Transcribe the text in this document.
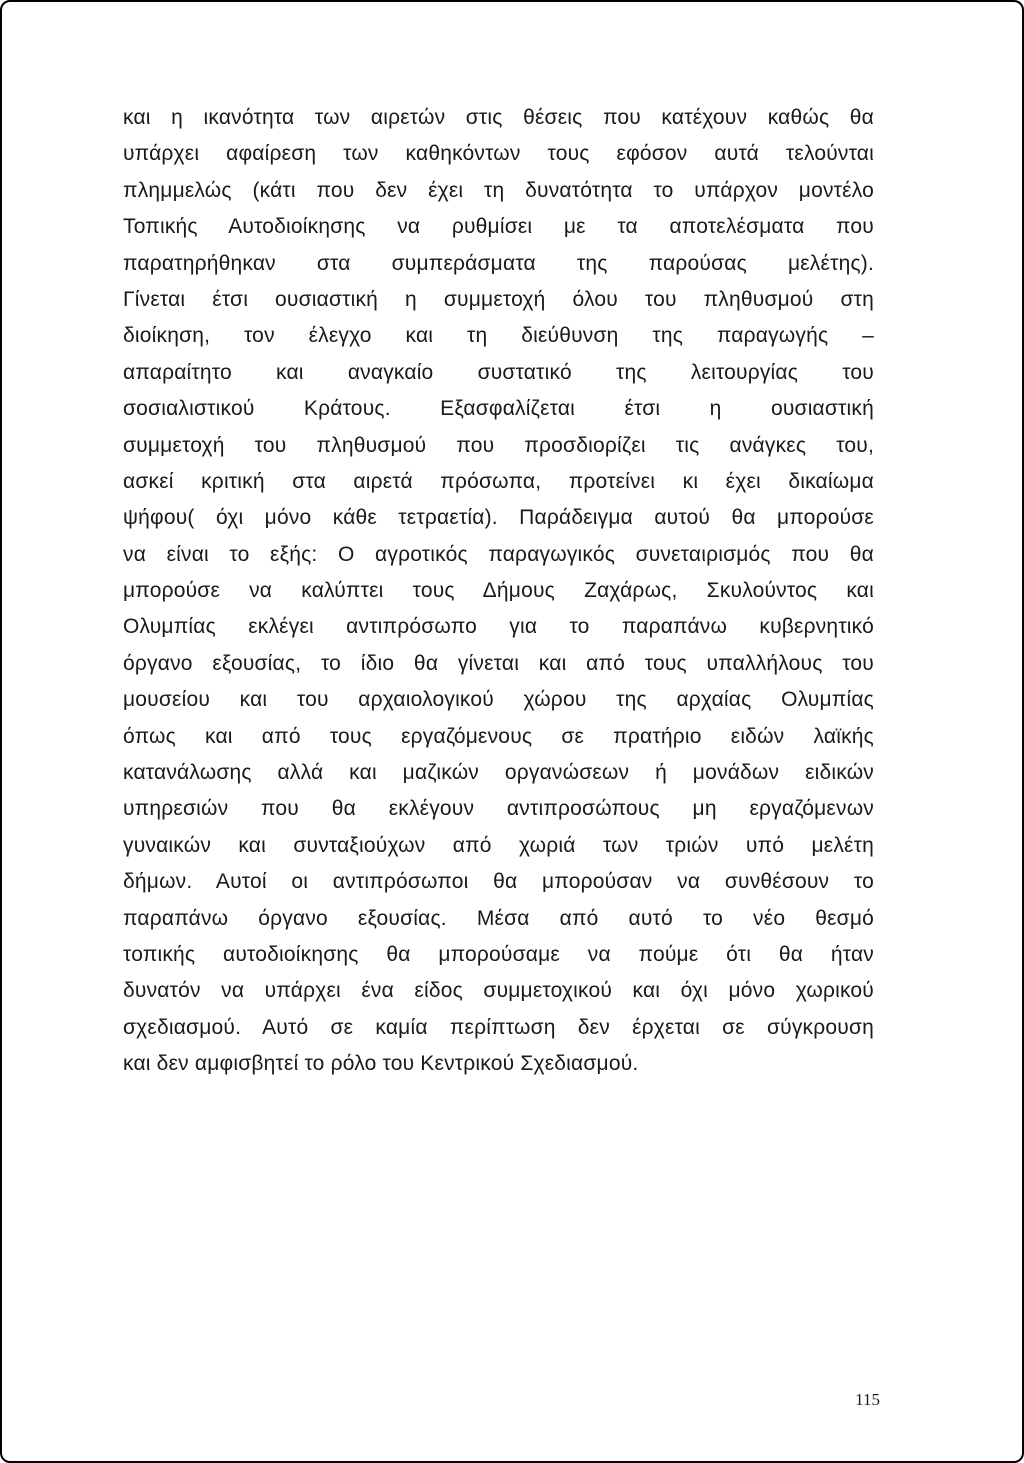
και η ικανότητα των αιρετών στις θέσεις που κατέχουν καθώς θα
υπάρχει αφαίρεση των καθηκόντων τους εφόσον αυτά τελούνται
πλημμελώς (κάτι που δεν έχει τη δυνατότητα το υπάρχον μοντέλο
Τοπικής Αυτοδιοίκησης να ρυθμίσει με τα αποτελέσματα που
παρατηρήθηκαν στα συμπεράσματα της παρούσας μελέτης).
Γίνεται έτσι ουσιαστική η συμμετοχή όλου του πληθυσμού στη
διοίκηση, τον έλεγχο και τη διεύθυνση της παραγωγής –
απαραίτητο και αναγκαίο συστατικό της λειτουργίας του
σοσιαλιστικού Κράτους. Εξασφαλίζεται έτσι η ουσιαστική
συμμετοχή του πληθυσμού που προσδιορίζει τις ανάγκες του,
ασκεί κριτική στα αιρετά πρόσωπα, προτείνει κι έχει δικαίωμα
ψήφου( όχι μόνο κάθε τετραετία). Παράδειγμα αυτού θα μπορούσε
να είναι το εξής: Ο αγροτικός παραγωγικός συνεταιρισμός που θα
μπορούσε να καλύπτει τους Δήμους Ζαχάρως, Σκυλούντος και
Ολυμπίας εκλέγει αντιπρόσωπο για το παραπάνω κυβερνητικό
όργανο εξουσίας, το ίδιο θα γίνεται και από τους υπαλλήλους του
μουσείου και του αρχαιολογικού χώρου της αρχαίας Ολυμπίας
όπως και από τους εργαζόμενους σε πρατήριο ειδών λαϊκής
κατανάλωσης αλλά και μαζικών οργανώσεων ή μονάδων ειδικών
υπηρεσιών που θα εκλέγουν αντιπροσώπους μη εργαζόμενων
γυναικών και συνταξιούχων από χωριά των τριών υπό μελέτη
δήμων. Αυτοί οι αντιπρόσωποι θα μπορούσαν να συνθέσουν το
παραπάνω όργανο εξουσίας. Μέσα από αυτό το νέο θεσμό
τοπικής αυτοδιοίκησης θα μπορούσαμε να πούμε ότι θα ήταν
δυνατόν να υπάρχει ένα είδος συμμετοχικού και όχι μόνο χωρικού
σχεδιασμού. Αυτό σε καμία περίπτωση δεν έρχεται σε σύγκρουση
και δεν αμφισβητεί το ρόλο του Κεντρικού Σχεδιασμού.
115
